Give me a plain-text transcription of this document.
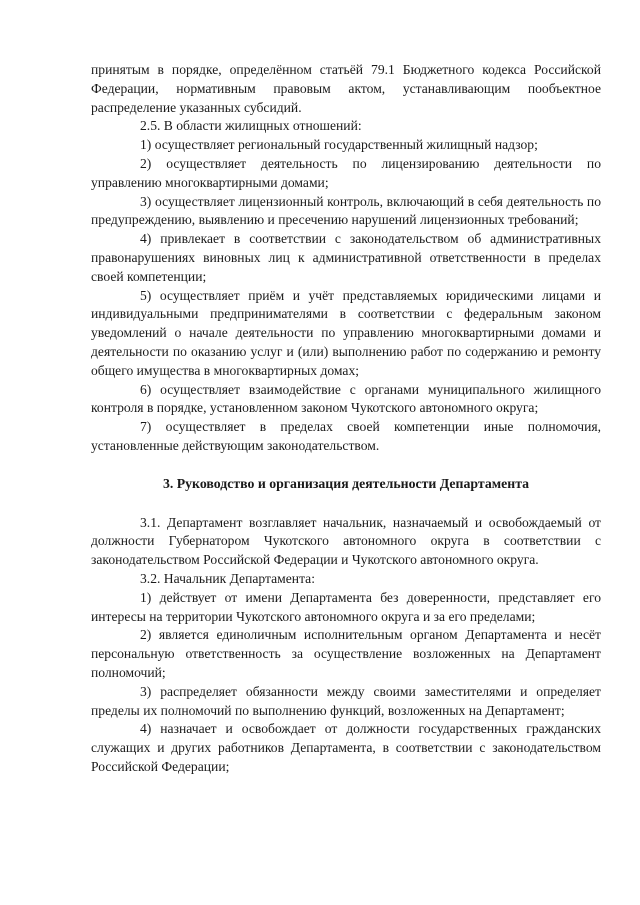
принятым в порядке, определённом статьёй 79.1 Бюджетного кодекса Российской Федерации, нормативным правовым актом, устанавливающим пообъектное распределение указанных субсидий.

2.5. В области жилищных отношений:

1) осуществляет региональный государственный жилищный надзор;

2) осуществляет деятельность по лицензированию деятельности по управлению многоквартирными домами;

3) осуществляет лицензионный контроль, включающий в себя деятельность по предупреждению, выявлению и пресечению нарушений лицензионных требований;

4) привлекает в соответствии с законодательством об административных правонарушениях виновных лиц к административной ответственности в пределах своей компетенции;

5) осуществляет приём и учёт представляемых юридическими лицами и индивидуальными предпринимателями в соответствии с федеральным законом уведомлений о начале деятельности по управлению многоквартирными домами и деятельности по оказанию услуг и (или) выполнению работ по содержанию и ремонту общего имущества в многоквартирных домах;

6) осуществляет взаимодействие с органами муниципального жилищного контроля в порядке, установленном законом Чукотского автономного округа;

7) осуществляет в пределах своей компетенции иные полномочия, установленные действующим законодательством.

3. Руководство и организация деятельности Департамента

3.1. Департамент возглавляет начальник, назначаемый и освобождаемый от должности Губернатором Чукотского автономного округа в соответствии с законодательством Российской Федерации и Чукотского автономного округа.

3.2. Начальник Департамента:

1) действует от имени Департамента без доверенности, представляет его интересы на территории Чукотского автономного округа и за его пределами;

2) является единоличным исполнительным органом Департамента и несёт персональную ответственность за осуществление возложенных на Департамент полномочий;

3) распределяет обязанности между своими заместителями и определяет пределы их полномочий по выполнению функций, возложенных на Департамент;

4) назначает и освобождает от должности государственных гражданских служащих и других работников Департамента, в соответствии с законодательством Российской Федерации;
